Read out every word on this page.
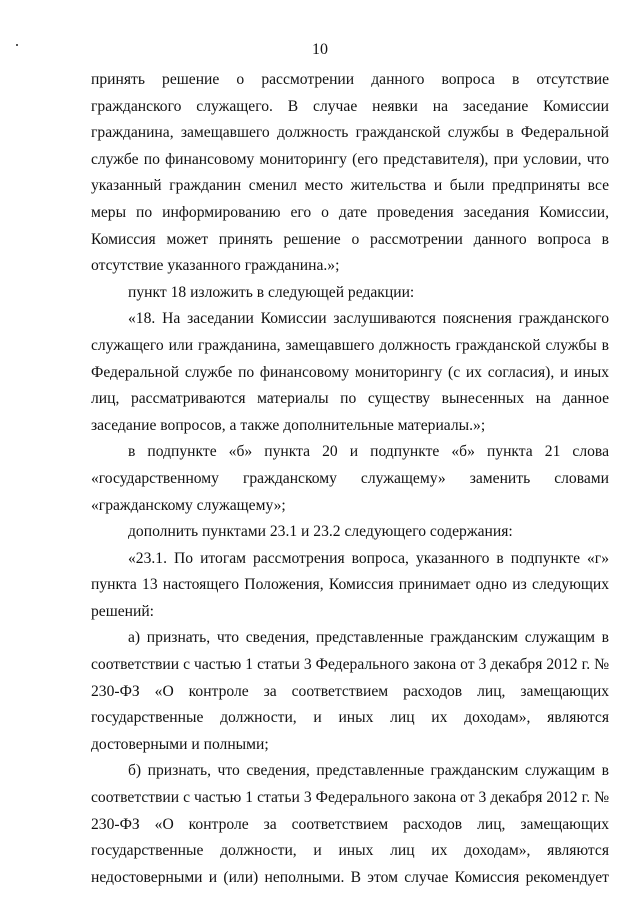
10

принять решение о рассмотрении данного вопроса в отсутствие гражданского служащего. В случае неявки на заседание Комиссии гражданина, замещавшего должность гражданской службы в Федеральной службе по финансовому мониторингу (его представителя), при условии, что указанный гражданин сменил место жительства и были предприняты все меры по информированию его о дате проведения заседания Комиссии, Комиссия может принять решение о рассмотрении данного вопроса в отсутствие указанного гражданина.»;

пункт 18 изложить в следующей редакции:

«18. На заседании Комиссии заслушиваются пояснения гражданского служащего или гражданина, замещавшего должность гражданской службы в Федеральной службе по финансовому мониторингу (с их согласия), и иных лиц, рассматриваются материалы по существу вынесенных на данное заседание вопросов, а также дополнительные материалы.»;

в подпункте «б» пункта 20 и подпункте «б» пункта 21 слова «государственному гражданскому служащему» заменить словами «гражданскому служащему»;

дополнить пунктами 23.1 и 23.2 следующего содержания:

«23.1. По итогам рассмотрения вопроса, указанного в подпункте «г» пункта 13 настоящего Положения, Комиссия принимает одно из следующих решений:

а) признать, что сведения, представленные гражданским служащим в соответствии с частью 1 статьи 3 Федерального закона от 3 декабря 2012 г. № 230-ФЗ «О контроле за соответствием расходов лиц, замещающих государственные должности, и иных лиц их доходам», являются достоверными и полными;

б) признать, что сведения, представленные гражданским служащим в соответствии с частью 1 статьи 3 Федерального закона от 3 декабря 2012 г. № 230-ФЗ «О контроле за соответствием расходов лиц, замещающих государственные должности, и иных лиц их доходам», являются недостоверными и (или) неполными. В этом случае Комиссия рекомендует
